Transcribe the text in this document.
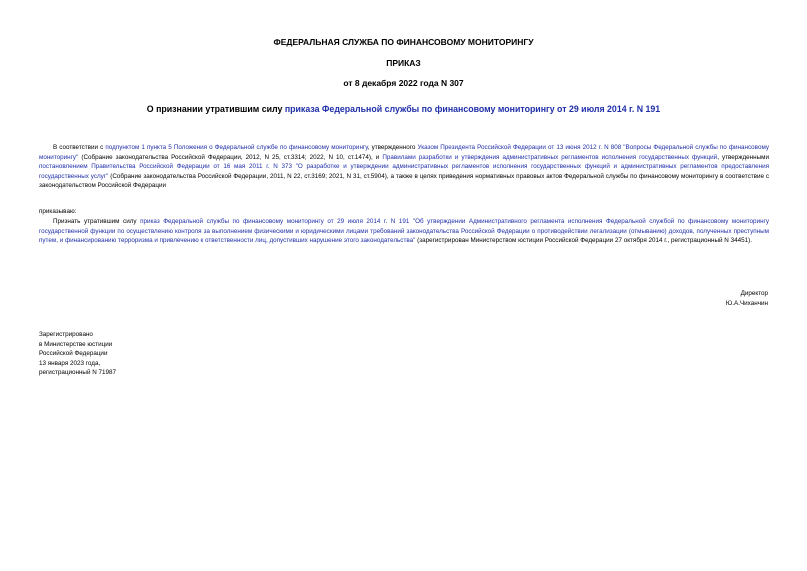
ФЕДЕРАЛЬНАЯ СЛУЖБА ПО ФИНАНСОВОМУ МОНИТОРИНГУ
ПРИКАЗ
от 8 декабря 2022 года N 307
О признании утратившим силу приказа Федеральной службы по финансовому мониторингу от 29 июля 2014 г. N 191

В соответствии с подпунктом 1 пункта 5 Положения о Федеральной службе по финансовому мониторингу, утвержденного Указом Президента Российской Федерации от 13 июня 2012 г. N 808 "Вопросы Федеральной службы по финансовому мониторингу" (Собрание законодательства Российской Федерации, 2012, N 25, ст.3314; 2022, N 10, ст.1474), и Правилами разработки и утверждения административных регламентов исполнения государственных функций, утвержденными постановлением Правительства Российской Федерации от 16 мая 2011 г. N 373 "О разработке и утверждении административных регламентов исполнения государственных функций и административных регламентов предоставления государственных услуг" (Собрание законодательства Российской Федерации, 2011, N 22, ст.3169; 2021, N 31, ст.5904), а также в целях приведения нормативных правовых актов Федеральной службы по финансовому мониторингу в соответствие с законодательством Российской Федерации

приказываю:

Признать утратившим силу приказ Федеральной службы по финансовому мониторингу от 29 июля 2014 г. N 191 "Об утверждении Административного регламента исполнения Федеральной службой по финансовому мониторингу государственной функции по осуществлению контроля за выполнением физическими и юридическими лицами требований законодательства Российской Федерации о противодействии легализации (отмыванию) доходов, полученных преступным путем, и финансированию терроризма и привлечению к ответственности лиц, допустивших нарушение этого законодательства" (зарегистрирован Министерством юстиции Российской Федерации 27 октября 2014 г., регистрационный N 34451).

Директор
Ю.А.Чиханчин
Зарегистрировано
в Министерстве юстиции
Российской Федерации
13 января 2023 года,
регистрационный N 71987
